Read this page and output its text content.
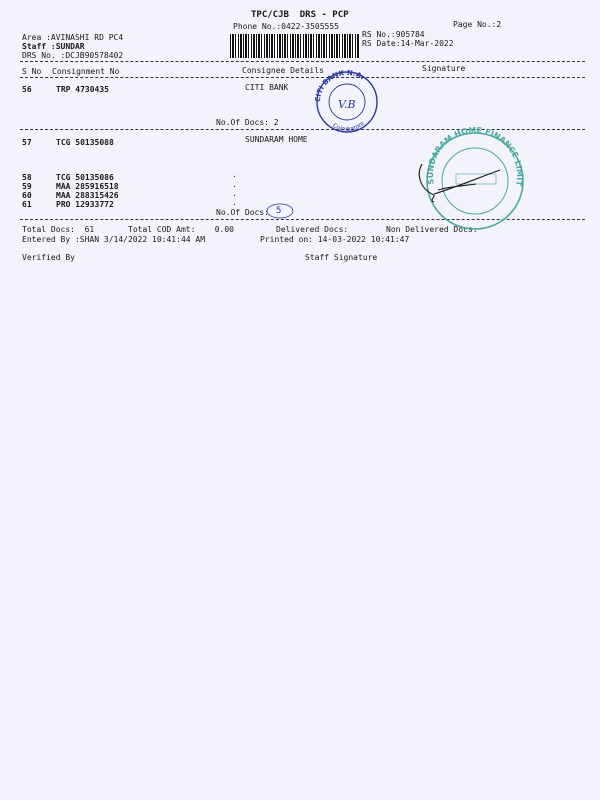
TPC/CJB  DRS - PCP
Phone No.:0422-3505555	Page No.:2
Area :AVINASHI RD PC4
Staff :SUNDAR
DRS No. :DCJB90578402
RS No.:905784
RS Date:14-Mar-2022
S No Consignment No	Consignee Details	Signature
56	TRP 4730435	CITI BANK
No.Of Docs: 2
57	TCG 50135088	SUNDARAM HOME
58	TCG 50135086
59	MAA 285916518
60	MAA 288315426
61	PRO 12933772
·
·
·
·
No.Of Docs: 5
Total Docs:  61	Total COD Amt:    0.00	Delivered Docs:	Non Delivered Docs:
Entered By :SHAN 3/14/2022 10:41:44 AM	Printed on: 14-03-2022 10:41:47
Verified By	Staff Signature
CITI BANK N.A.
Coimbatore
V.B
SUNDARAM HOME FINANCE LIMITED
